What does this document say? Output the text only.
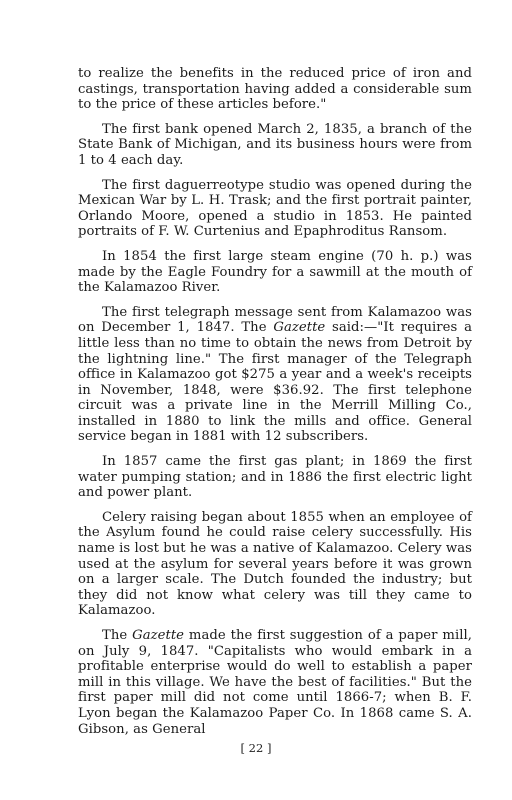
to realize the benefits in the reduced price of iron and castings, transportation having added a considerable sum to the price of these articles before."

The first bank opened March 2, 1835, a branch of the State Bank of Michigan, and its business hours were from 1 to 4 each day.

The first daguerreotype studio was opened during the Mexican War by L. H. Trask; and the first portrait painter, Orlando Moore, opened a studio in 1853. He painted portraits of F. W. Curtenius and Epaphroditus Ransom.

In 1854 the first large steam engine (70 h. p.) was made by the Eagle Foundry for a sawmill at the mouth of the Kalamazoo River.

The first telegraph message sent from Kalamazoo was on December 1, 1847. The Gazette said:—"It requires a little less than no time to obtain the news from Detroit by the lightning line." The first manager of the Telegraph office in Kalamazoo got $275 a year and a week's receipts in November, 1848, were $36.92. The first telephone circuit was a private line in the Merrill Milling Co., installed in 1880 to link the mills and office. General service began in 1881 with 12 subscribers.

In 1857 came the first gas plant; in 1869 the first water pumping station; and in 1886 the first electric light and power plant.

Celery raising began about 1855 when an employee of the Asylum found he could raise celery successfully. His name is lost but he was a native of Kalamazoo. Celery was used at the asylum for several years before it was grown on a larger scale. The Dutch founded the industry; but they did not know what celery was till they came to Kalamazoo.

The Gazette made the first suggestion of a paper mill, on July 9, 1847. "Capitalists who would embark in a profitable enterprise would do well to establish a paper mill in this village. We have the best of facilities." But the first paper mill did not come until 1866-7; when B. F. Lyon began the Kalamazoo Paper Co. In 1868 came S. A. Gibson, as General

[ 22 ]
